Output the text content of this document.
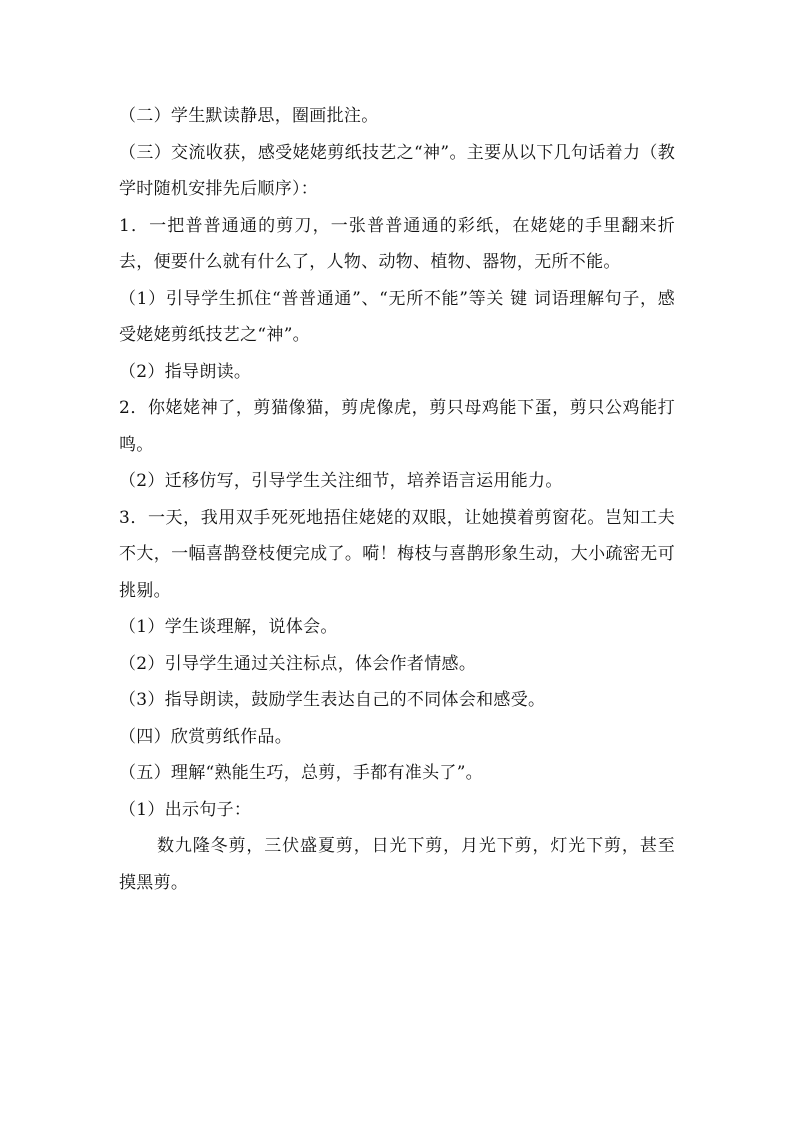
（二）学生默读静思，圈画批注。

（三）交流收获，感受姥姥剪纸技艺之“神”。主要从以下几句话着力（教学时随机安排先后顺序）：

1．一把普普通通的剪刀，一张普普通通的彩纸，在姥姥的手里翻来折去，便要什么就有什么了，人物、动物、植物、器物，无所不能。

（1）引导学生抓住“普普通通”、“无所不能”等关 键 词语理解句子，感受姥姥剪纸技艺之“神”。

（2）指导朗读。

2．你姥姥神了，剪猫像猫，剪虎像虎，剪只母鸡能下蛋，剪只公鸡能打鸣。

（2）迁移仿写，引导学生关注细节，培养语言运用能力。

3．一天，我用双手死死地捂住姥姥的双眼，让她摸着剪窗花。岂知工夫不大，一幅喜鹊登枝便完成了。嗬！梅枝与喜鹊形象生动，大小疏密无可挑剔。

（1）学生谈理解，说体会。

（2）引导学生通过关注标点，体会作者情感。

（3）指导朗读，鼓励学生表达自己的不同体会和感受。

（四）欣赏剪纸作品。

（五）理解“熟能生巧，总剪，手都有准头了”。

（1）出示句子：

数九隆冬剪，三伏盛夏剪，日光下剪，月光下剪，灯光下剪，甚至摸黑剪。
